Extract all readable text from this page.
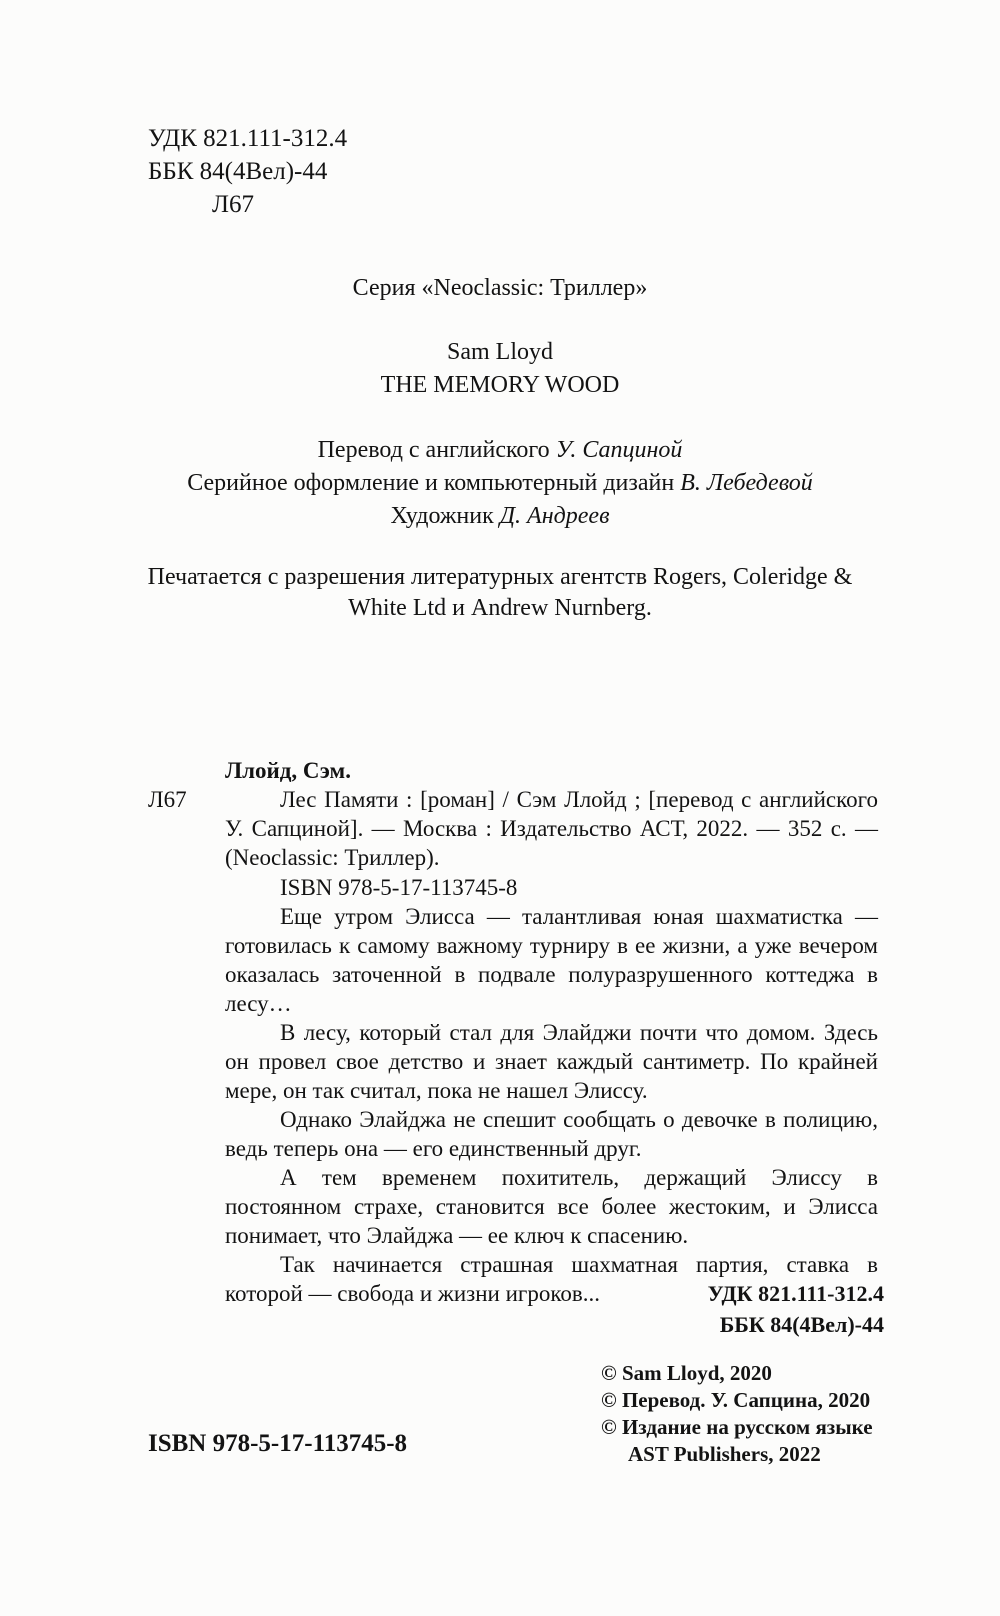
УДК 821.111-312.4
ББК 84(4Вел)-44
Л67
Серия «Neoclassic: Триллер»
Sam Lloyd
THE MEMORY WOOD
Перевод с английского У. Сапциной
Серийное оформление и компьютерный дизайн В. Лебедевой
Художник Д. Андреев
Печатается с разрешения литературных агентств Rogers, Coleridge &
White Ltd и Andrew Nurnberg.
Ллойд, Сэм.
Л67	Лес Памяти : [роман] / Сэм Ллойд ; [перевод с английского У. Сапциной]. — Москва : Издательство АСТ, 2022. — 352 с. — (Neoclassic: Триллер).

ISBN 978-5-17-113745-8

Еще утром Элисса — талантливая юная шахматистка — готовилась к самому важному турниру в ее жизни, а уже вечером оказалась заточенной в подвале полуразрушенного коттеджа в лесу…

В лесу, который стал для Элайджи почти что домом. Здесь он провел свое детство и знает каждый сантиметр. По крайней мере, он так считал, пока не нашел Элиссу.

Однако Элайджа не спешит сообщать о девочке в полицию, ведь теперь она — его единственный друг.

А тем временем похититель, держащий Элиссу в постоянном страхе, становится все более жестоким, и Элисса понимает, что Элайджа — ее ключ к спасению.

Так начинается страшная шахматная партия, ставка в которой — свобода и жизни игроков...	УДК 821.111-312.4
ББК 84(4Вел)-44
© Sam Lloyd, 2020
© Перевод. У. Сапцина, 2020
© Издание на русском языке AST Publishers, 2022
ISBN 978-5-17-113745-8
